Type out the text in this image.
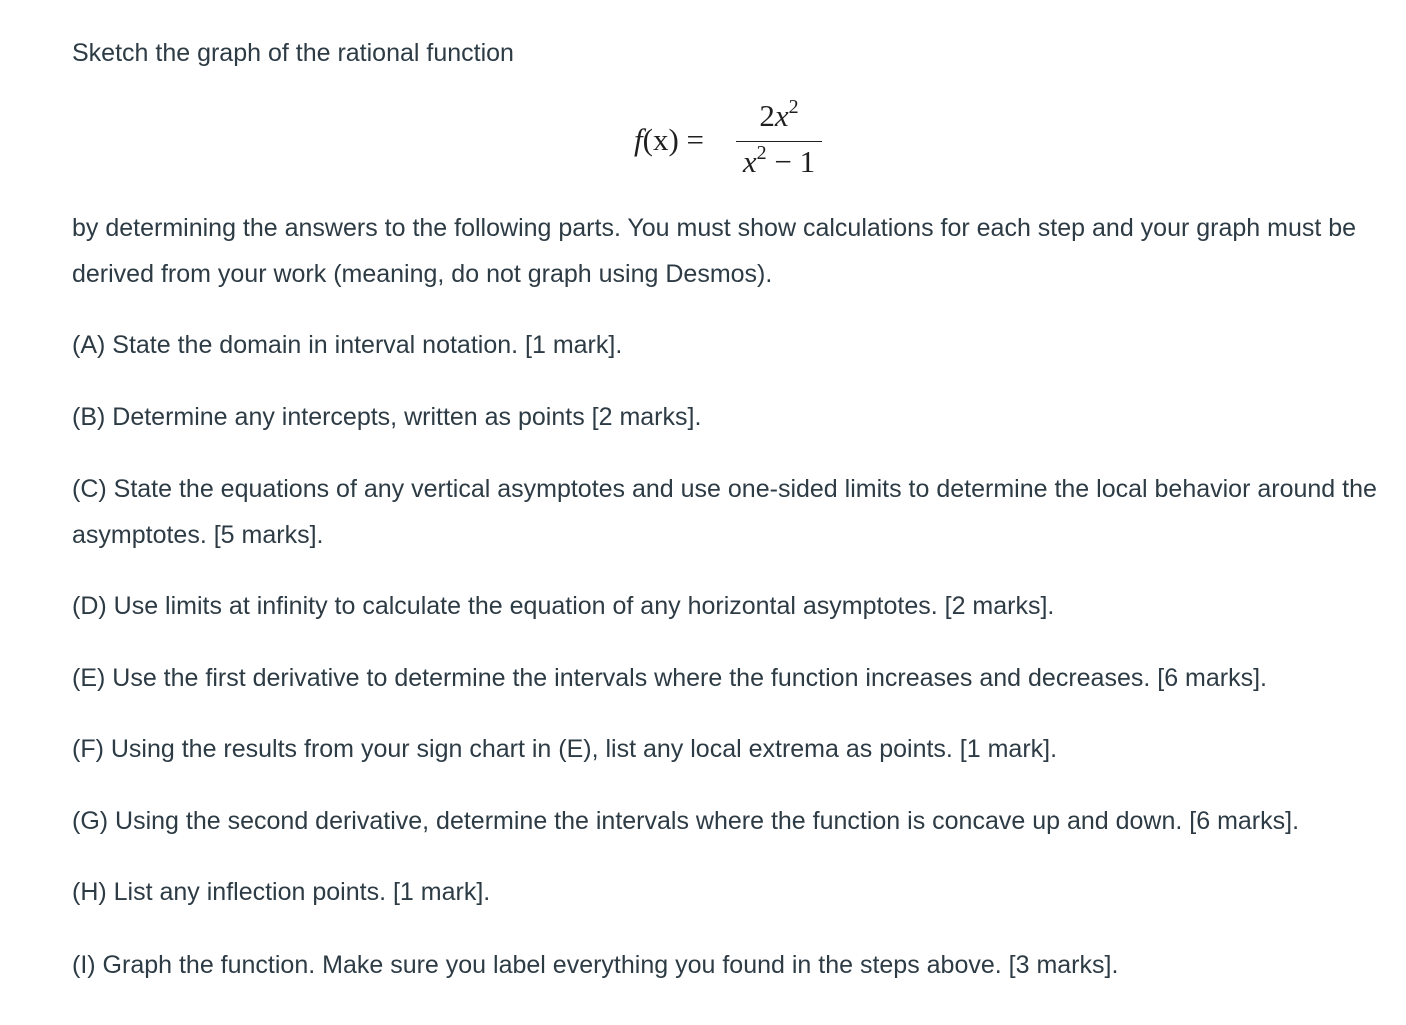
Sketch the graph of the rational function
f(x) =
$2x^2$
$x^2 - 1$
by determining the answers to the following parts. You must show calculations for each step and your graph must be derived from your work (meaning, do not graph using Desmos).
(A) State the domain in interval notation. [1 mark].
(B) Determine any intercepts, written as points [2 marks].
(C) State the equations of any vertical asymptotes and use one-sided limits to determine the local behavior around the asymptotes. [5 marks].
(D) Use limits at infinity to calculate the equation of any horizontal asymptotes. [2 marks].
(E) Use the first derivative to determine the intervals where the function increases and decreases. [6 marks].
(F) Using the results from your sign chart in (E), list any local extrema as points. [1 mark].
(G) Using the second derivative, determine the intervals where the function is concave up and down. [6 marks].
(H) List any inflection points. [1 mark].
(I) Graph the function. Make sure you label everything you found in the steps above. [3 marks].
